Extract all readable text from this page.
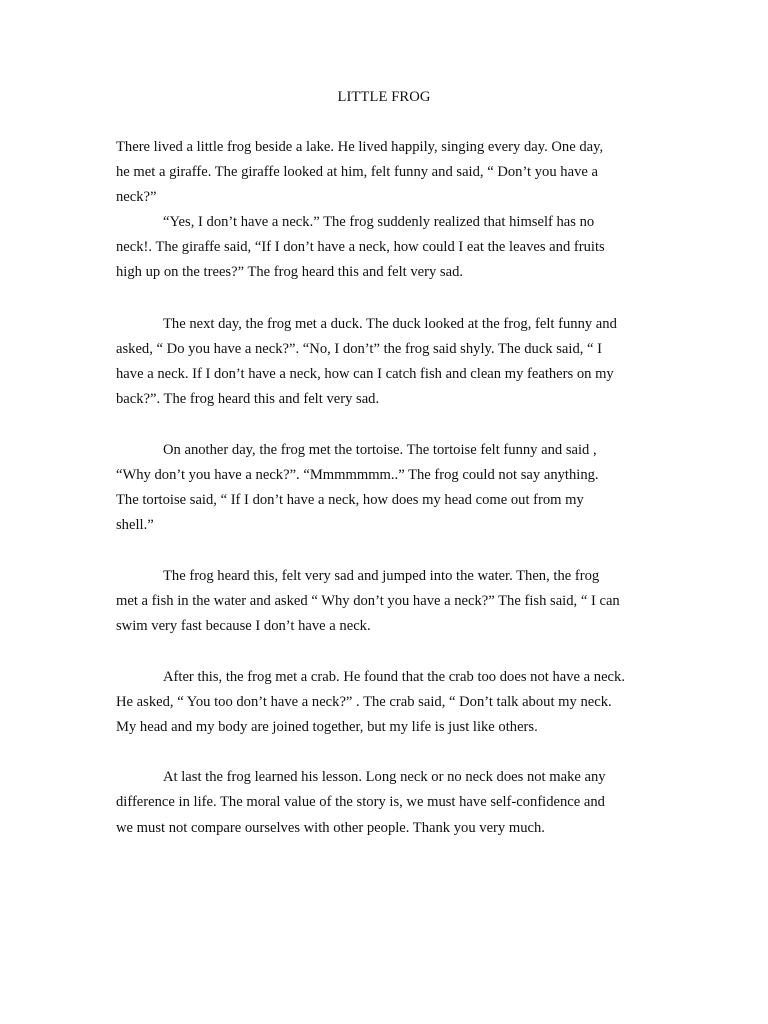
LITTLE FROG
There lived a little frog beside a lake. He lived happily, singing every day. One day,
he met a giraffe. The giraffe looked at him, felt funny and said, “ Don’t you have a
neck?”
“Yes, I don’t have a neck.” The frog suddenly realized that himself has no
neck!. The giraffe said, “If I don’t have a neck, how could I eat the leaves and fruits
high up on the trees?” The frog heard this and felt very sad.
The next day, the frog met a duck. The duck looked at the frog, felt funny and
asked, “ Do you have a neck?”. “No, I don’t” the frog said shyly. The duck said, “ I
have a neck. If I don’t have a neck, how can I catch fish and clean my feathers on my
back?”. The frog heard this and felt very sad.
On another day, the frog met the tortoise. The tortoise felt funny and said ,
“Why don’t you have a neck?”. “Mmmmmmm..” The frog could not say anything.
The tortoise said, “ If I don’t have a neck, how does my head come out from my
shell.”
The frog heard this, felt very sad and jumped into the water. Then, the frog
met a fish in the water and asked “ Why don’t you have a neck?” The fish said, “ I can
swim very fast because I don’t have a neck.
After this, the frog met a crab. He found that the crab too does not have a neck.
He asked, “ You too don’t have a neck?” . The crab said, “ Don’t talk about my neck.
My head and my body are joined together, but my life is just like others.
At last the frog learned his lesson. Long neck or no neck does not make any
difference in life. The moral value of the story is, we must have self-confidence and
we must not compare ourselves with other people. Thank you very much.
